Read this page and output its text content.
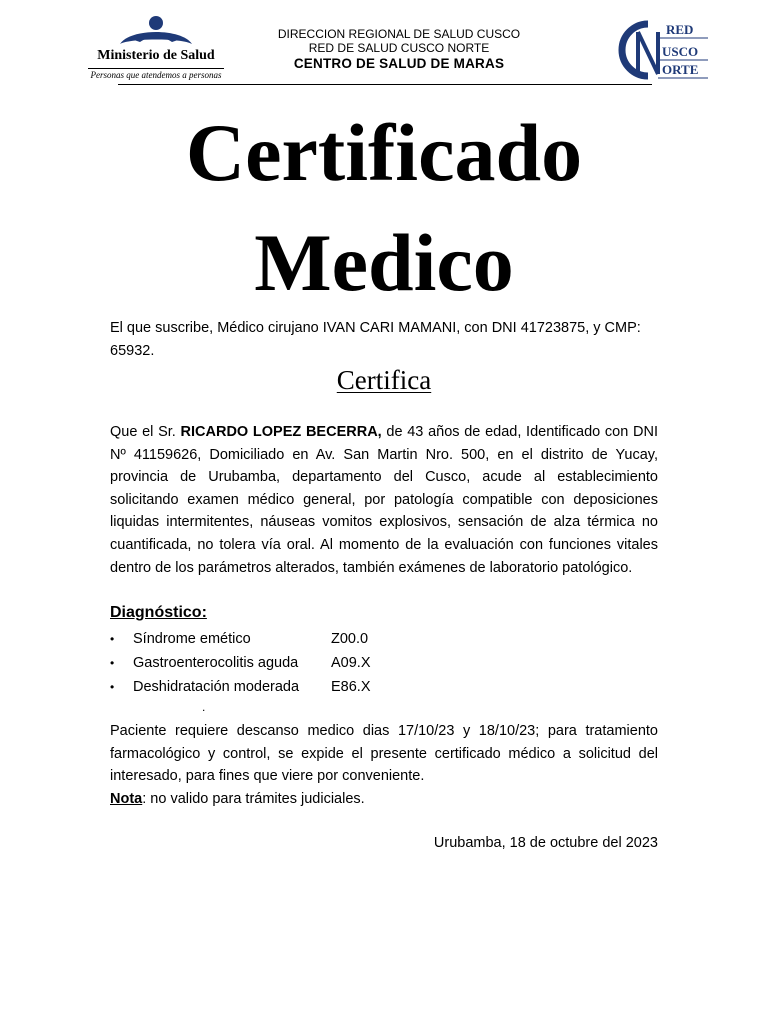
Ministerio de Salud
Personas que atendemos a personas
DIRECCION REGIONAL DE SALUD CUSCO
RED DE SALUD CUSCO NORTE
CENTRO DE SALUD DE MARAS
RED
USCO
ORTE
Certificado
Medico
El que suscribe, Médico cirujano IVAN CARI MAMANI, con DNI 41723875, y CMP: 65932.
Certifica
Que el Sr. RICARDO LOPEZ BECERRA, de 43 años de edad, Identificado con DNI Nº 41159626, Domiciliado en Av. San Martin Nro. 500, en el distrito de Yucay, provincia de Urubamba, departamento del Cusco, acude al establecimiento solicitando examen médico general, por patología compatible con deposiciones liquidas intermitentes, náuseas vomitos explosivos, sensación de alza térmica no cuantificada, no tolera vía oral. Al momento de la evaluación con funciones vitales dentro de los parámetros alterados, también exámenes de laboratorio patológico.
Diagnóstico:
• Síndrome emético	Z00.0
• Gastroenterocolitis aguda A09.X
• Deshidratación moderada E86.X
.
Paciente requiere descanso medico dias 17/10/23 y 18/10/23; para tratamiento farmacológico y control, se expide el presente certificado médico a solicitud del interesado, para fines que viere por conveniente.
Nota: no valido para trámites judiciales.
Urubamba, 18 de octubre del 2023
